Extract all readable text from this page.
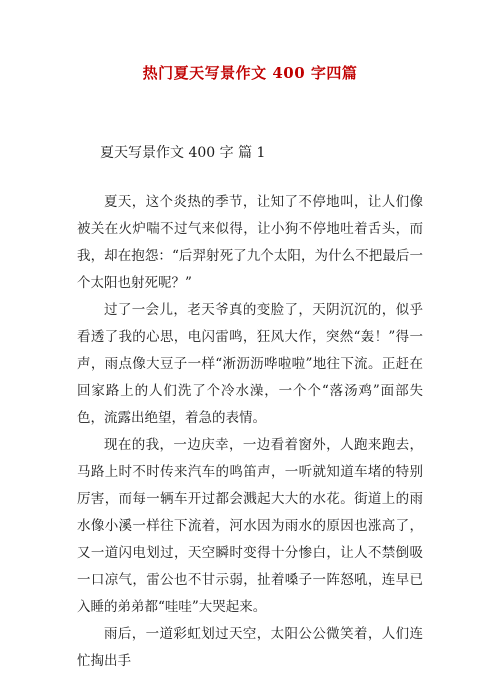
热门夏天写景作文 400 字四篇
夏天写景作文 400 字 篇 1

夏天，这个炎热的季节，让知了不停地叫，让人们像被关在火炉喘不过气来似得，让小狗不停地吐着舌头，而我，却在抱怨：“后羿射死了九个太阳，为什么不把最后一个太阳也射死呢？”

过了一会儿，老天爷真的变脸了，天阴沉沉的，似乎看透了我的心思，电闪雷鸣，狂风大作，突然“轰！”得一声，雨点像大豆子一样“淅沥沥哗啦啦”地往下流。正赶在回家路上的人们洗了个冷水澡，一个个“落汤鸡”面部失色，流露出绝望，着急的表情。

现在的我，一边庆幸，一边看着窗外，人跑来跑去，马路上时不时传来汽车的鸣笛声，一听就知道车堵的特别厉害，而每一辆车开过都会溅起大大的水花。街道上的雨水像小溪一样往下流着，河水因为雨水的原因也涨高了，又一道闪电划过，天空瞬时变得十分惨白，让人不禁倒吸一口凉气，雷公也不甘示弱，扯着嗓子一阵怒吼，连早已入睡的弟弟都“哇哇”大哭起来。

雨后，一道彩虹划过天空，太阳公公微笑着，人们连忙掏出手
